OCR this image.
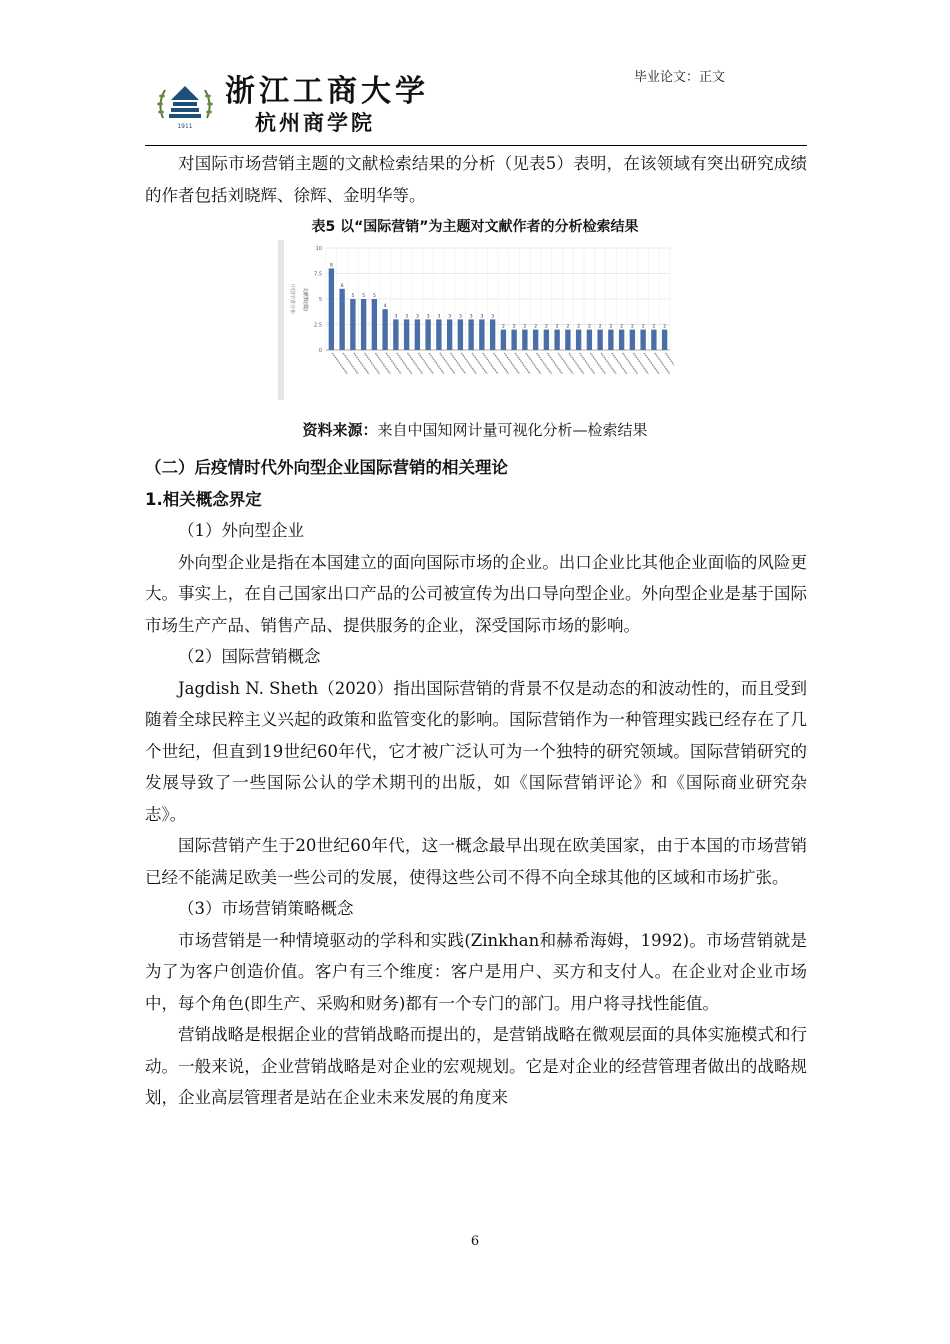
1911
浙江工商大学
杭州商学院
毕业论文：正文

对国际市场营销主题的文献检索结果的分析（见表5）表明，在该领域有突出研究成绩的作者包括刘晓辉、徐辉、金明华等。

表5 以“国际营销”为主题对文献作者的分析检索结果
0
2.5
5
7.5
10
文献数(篇)
中国学者分布
8
6
5 5 5
4
3 3 3 3 3 3 3 3 3 3
2 2 2 2 2 2 2 2 2 2 2 2 2 2 2 2
资料来源：来自中国知网计量可视化分析—检索结果

（二）后疫情时代外向型企业国际营销的相关理论

1.相关概念界定

（1）外向型企业

外向型企业是指在本国建立的面向国际市场的企业。出口企业比其他企业面临的风险更大。事实上，在自己国家出口产品的公司被宣传为出口导向型企业。外向型企业是基于国际市场生产产品、销售产品、提供服务的企业，深受国际市场的影响。

（2）国际营销概念

Jagdish N. Sheth（2020）指出国际营销的背景不仅是动态的和波动性的，而且受到随着全球民粹主义兴起的政策和监管变化的影响。国际营销作为一种管理实践已经存在了几个世纪，但直到19世纪60年代，它才被广泛认可为一个独特的研究领域。国际营销研究的发展导致了一些国际公认的学术期刊的出版，如《国际营销评论》和《国际商业研究杂志》。

国际营销产生于20世纪60年代，这一概念最早出现在欧美国家，由于本国的市场营销已经不能满足欧美一些公司的发展，使得这些公司不得不向全球其他的区域和市场扩张。

（3）市场营销策略概念

市场营销是一种情境驱动的学科和实践(Zinkhan和赫希海姆，1992)。市场营销就是为了为客户创造价值。客户有三个维度：客户是用户、买方和支付人。在企业对企业市场中，每个角色(即生产、采购和财务)都有一个专门的部门。用户将寻找性能值。

营销战略是根据企业的营销战略而提出的，是营销战略在微观层面的具体实施模式和行动。一般来说，企业营销战略是对企业的宏观规划。它是对企业的经营管理者做出的战略规划，企业高层管理者是站在企业未来发展的角度来

6
